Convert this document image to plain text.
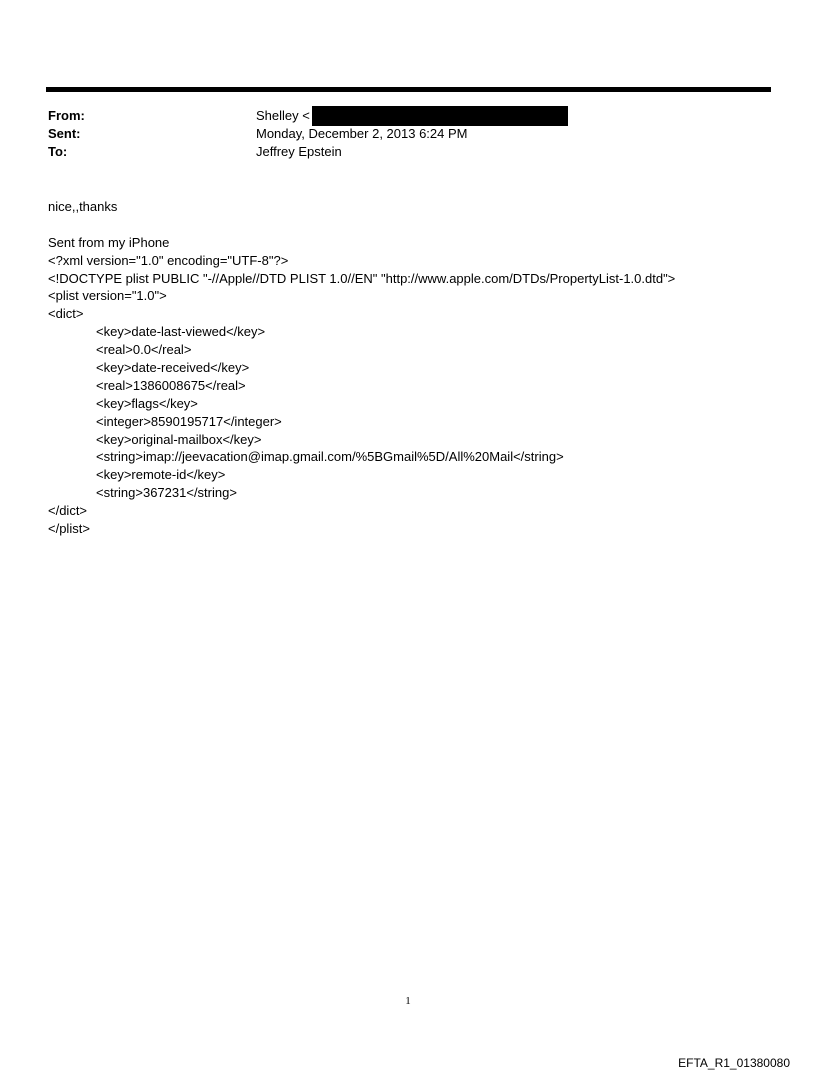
From:	Shelley <
Sent:	Monday, December 2, 2013 6:24 PM
To:	Jeffrey Epstein
nice,,thanks
Sent from my iPhone
<?xml version="1.0" encoding="UTF-8"?>
<!DOCTYPE plist PUBLIC "-//Apple//DTD PLIST 1.0//EN" "http://www.apple.com/DTDs/PropertyList-1.0.dtd">
<plist version="1.0">
<dict>
<key>date-last-viewed</key>
<real>0.0</real>
<key>date-received</key>
<real>1386008675</real>
<key>flags</key>
<integer>8590195717</integer>
<key>original-mailbox</key>
<string>imap://jeevacation@imap.gmail.com/%5BGmail%5D/All%20Mail</string>
<key>remote-id</key>
<string>367231</string>
</dict>
</plist>
1
EFTA_R1_01380080
